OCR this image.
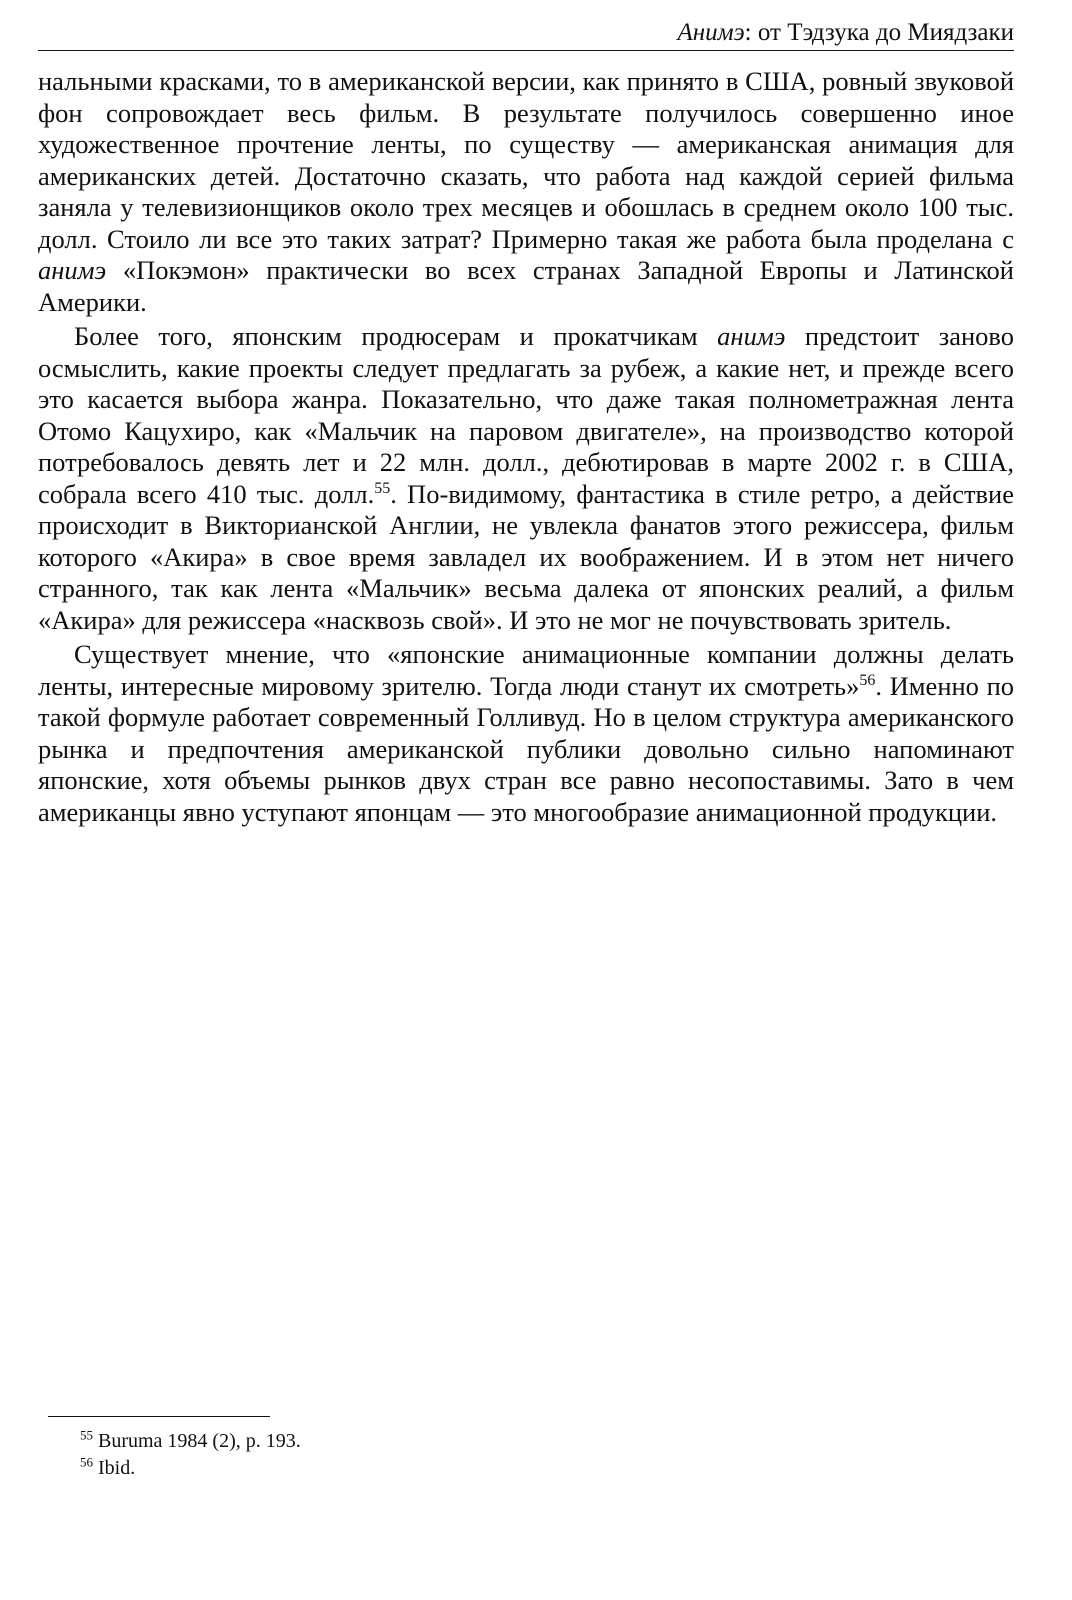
Анимэ: от Тэдзука до Миядзаки

нальными красками, то в американской версии, как принято в США, ровный звуковой фон сопровождает весь фильм. В результате получилось совершенно иное художественное прочтение ленты, по существу — американская анимация для американских детей. Достаточно сказать, что работа над каждой серией фильма заняла у телевизионщиков около трех месяцев и обошлась в среднем около 100 тыс. долл. Стоило ли все это таких затрат? Примерно такая же работа была проделана с анимэ «Покэмон» практически во всех странах Западной Европы и Латинской Америки.

Более того, японским продюсерам и прокатчикам анимэ предстоит заново осмыслить, какие проекты следует предлагать за рубеж, а какие нет, и прежде всего это касается выбора жанра. Показательно, что даже такая полнометражная лента Отомо Кацухиро, как «Мальчик на паровом двигателе», на производство которой потребовалось девять лет и 22 млн. долл., дебютировав в марте 2002 г. в США, собрала всего 410 тыс. долл.$^{55}$. По-видимому, фантастика в стиле ретро, а действие происходит в Викторианской Англии, не увлекла фанатов этого режиссера, фильм которого «Акира» в свое время завладел их воображением. И в этом нет ничего странного, так как лента «Мальчик» весьма далека от японских реалий, а фильм «Акира» для режиссера «насквозь свой». И это не мог не почувствовать зритель.

Существует мнение, что «японские анимационные компании должны делать ленты, интересные мировому зрителю. Тогда люди станут их смотреть»$^{56}$. Именно по такой формуле работает современный Голливуд. Но в целом структура американского рынка и предпочтения американской публики довольно сильно напоминают японские, хотя объемы рынков двух стран все равно несопоставимы. Зато в чем американцы явно уступают японцам — это многообразие анимационной продукции.

$^{55}$ Buruma 1984 (2), p. 193.
$^{56}$ Ibid.
